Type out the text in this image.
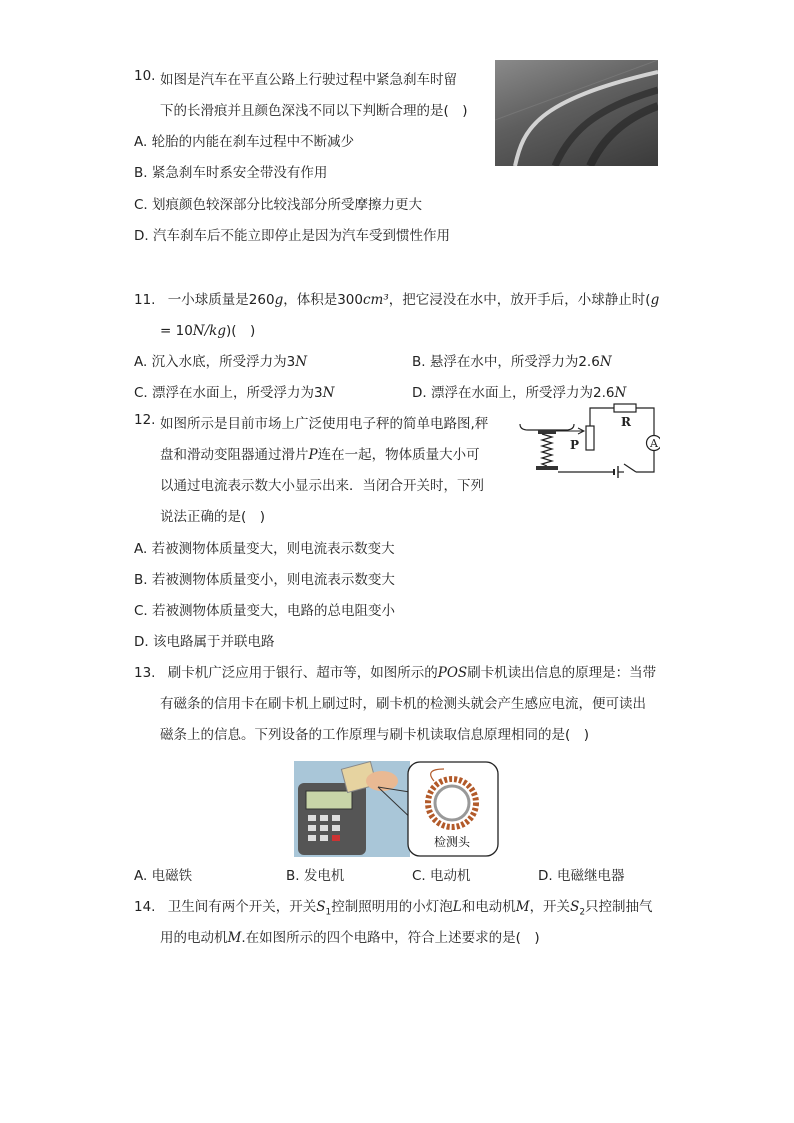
10. 如图是汽车在平直公路上行驶过程中紧急刹车时留
下的长滑痕并且颜色深浅不同以下判断合理的是(　)
A. 轮胎的内能在刹车过程中不断减少
B. 紧急刹车时系安全带没有作用
C. 划痕颜色较深部分比较浅部分所受摩擦力更大
D. 汽车刹车后不能立即停止是因为汽车受到惯性作用
11. 一小球质量是260g，体积是300cm³，把它浸没在水中，放开手后，小球静止时(g
= 10N/kg)(　)
A. 沉入水底，所受浮力为3N	B. 悬浮在水中，所受浮力为2.6N
C. 漂浮在水面上，所受浮力为3N	D. 漂浮在水面上，所受浮力为2.6N
12. 如图所示是目前市场上广泛使用电子秤的简单电路图,秤
盘和滑动变阻器通过滑片P连在一起，物体质量大小可
以通过电流表示数大小显示出来．当闭合开关时，下列
说法正确的是(　)
A. 若被测物体质量变大，则电流表示数变大
B. 若被测物体质量变小，则电流表示数变大
C. 若被测物体质量变大，电路的总电阻变小
D. 该电路属于并联电路
P
R
A
13. 刷卡机广泛应用于银行、超市等，如图所示的POS刷卡机读出信息的原理是：当带
有磁条的信用卡在刷卡机上刷过时，刷卡机的检测头就会产生感应电流，便可读出
磁条上的信息。下列设备的工作原理与刷卡机读取信息原理相同的是(　)
检测头
A. 电磁铁	B. 发电机	C. 电动机	D. 电磁继电器
14. 卫生间有两个开关，开关$S_1$控制照明用的小灯泡L和电动机M，开关$S_2$只控制抽气
用的电动机M.在如图所示的四个电路中，符合上述要求的是(　)
